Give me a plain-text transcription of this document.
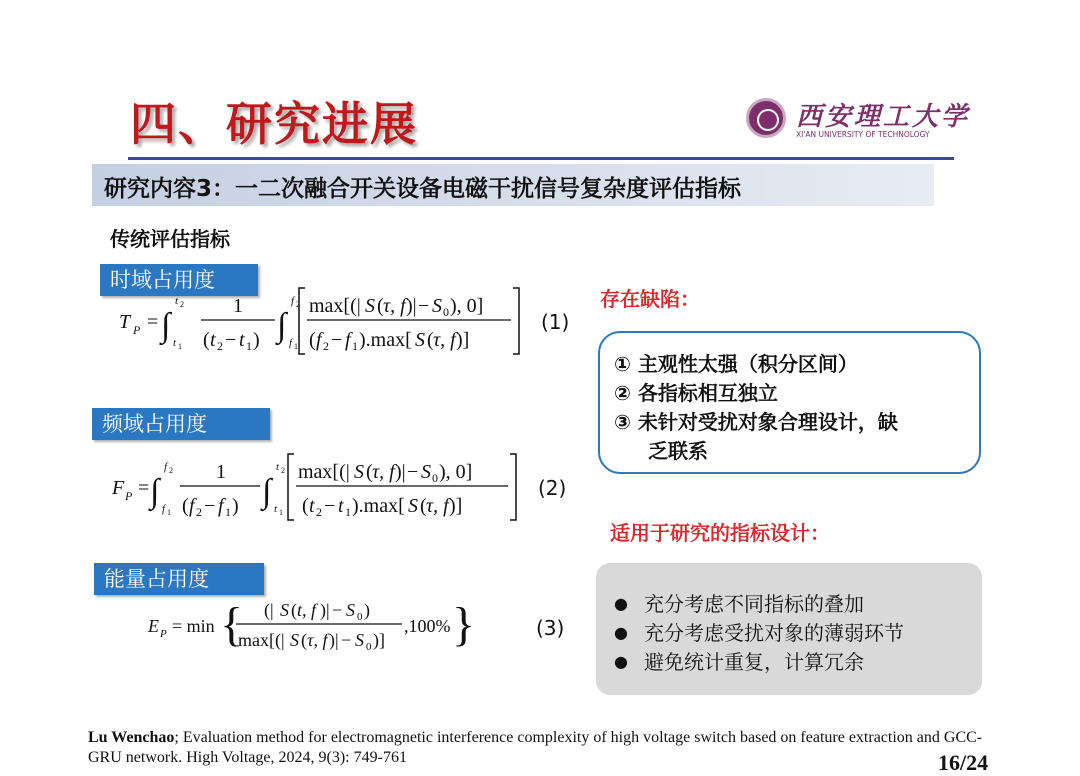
四、研究进展	西安理工大学
XI'AN UNIVERSITY OF TECHNOLOGY
研究内容3：一二次融合开关设备电磁干扰信号复杂度评估指标
传统评估指标
时域占用度
频域占用度
能量占用度
T P = ∫
t 2
t 1
1
( t 2 − t 1 ) ∫
f 2
f 1
max[(| S ( τ, f )| − S 0 ), 0]
( f 2 − f 1 ).max[ S ( τ, f )]
(1)
F P = ∫
f 2
f 1
1
( f 2 − f 1 ) ∫
t 2
t 1
max[(| S ( τ, f )| − S 0 ), 0]
( t 2 − t 1 ).max[ S ( τ, f )]
(2)
E P = min { (| S ( t, f )| − S 0 )
max[(| S ( τ, f )| − S 0 )]
,100% }	(3)
存在缺陷：
① 主观性太强（积分区间）
② 各指标相互独立
③ 未针对受扰对象合理设计，缺
乏联系
适用于研究的指标设计：
● 充分考虑不同指标的叠加
● 充分考虑受扰对象的薄弱环节
● 避免统计重复，计算冗余
Lu Wenchao; Evaluation method for electromagnetic interference complexity of high voltage switch based on feature extraction and GCC-GRU network. High Voltage, 2024, 9(3): 749-761	16/24
